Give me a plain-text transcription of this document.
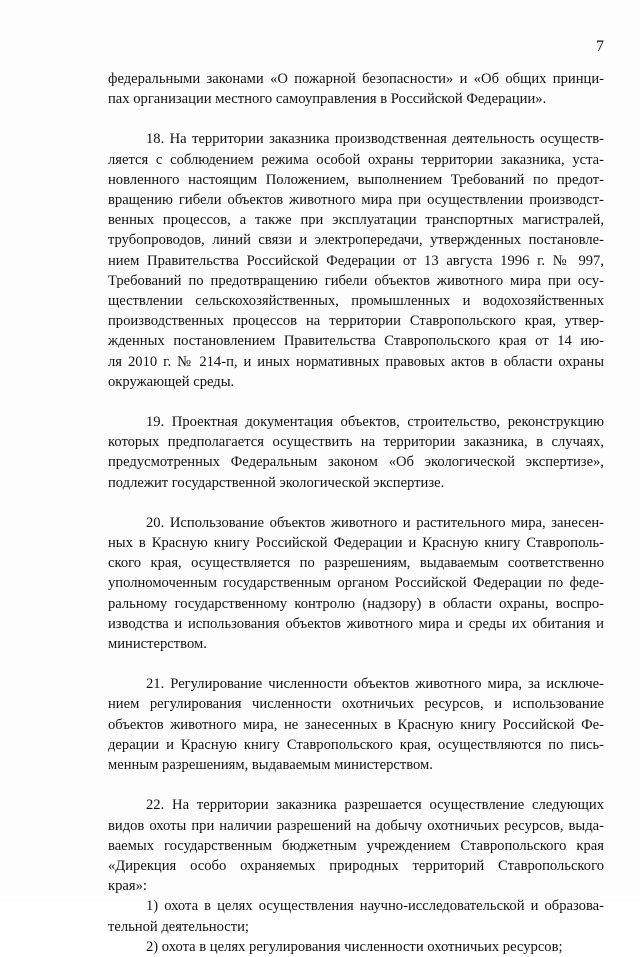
7

федеральными законами «О пожарной безопасности» и «Об общих принци-
пах организации местного самоуправления в Российской Федерации».

18. На территории заказника производственная деятельность осуществ-
ляется с соблюдением режима особой охраны территории заказника, уста-
новленного настоящим Положением, выполнением Требований по предот-
вращению гибели объектов животного мира при осуществлении производст-
венных процессов, а также при эксплуатации транспортных магистралей,
трубопроводов, линий связи и электропередачи, утвержденных постановле-
нием Правительства Российской Федерации от 13 августа 1996 г. № 997,
Требований по предотвращению гибели объектов животного мира при осу-
ществлении сельскохозяйственных, промышленных и водохозяйственных
производственных процессов на территории Ставропольского края, утвер-
жденных постановлением Правительства Ставропольского края от 14 ию-
ля 2010 г. № 214-п, и иных нормативных правовых актов в области охраны
окружающей среды.

19. Проектная документация объектов, строительство, реконструкцию
которых предполагается осуществить на территории заказника, в случаях,
предусмотренных Федеральным законом «Об экологической экспертизе»,
подлежит государственной экологической экспертизе.

20. Использование объектов животного и растительного мира, занесен-
ных в Красную книгу Российской Федерации и Красную книгу Ставрополь-
ского края, осуществляется по разрешениям, выдаваемым соответственно
уполномоченным государственным органом Российской Федерации по феде-
ральному государственному контролю (надзору) в области охраны, воспро-
изводства и использования объектов животного мира и среды их обитания и
министерством.

21. Регулирование численности объектов животного мира, за исключе-
нием регулирования численности охотничьих ресурсов, и использование
объектов животного мира, не занесенных в Красную книгу Российской Фе-
дерации и Красную книгу Ставропольского края, осуществляются по пись-
менным разрешениям, выдаваемым министерством.

22. На территории заказника разрешается осуществление следующих
видов охоты при наличии разрешений на добычу охотничьих ресурсов, выда-
ваемых государственным бюджетным учреждением Ставропольского края
«Дирекция особо охраняемых природных территорий Ставропольского
края»:

1) охота в целях осуществления научно-исследовательской и образова-
тельной деятельности;

2) охота в целях регулирования численности охотничьих ресурсов;
